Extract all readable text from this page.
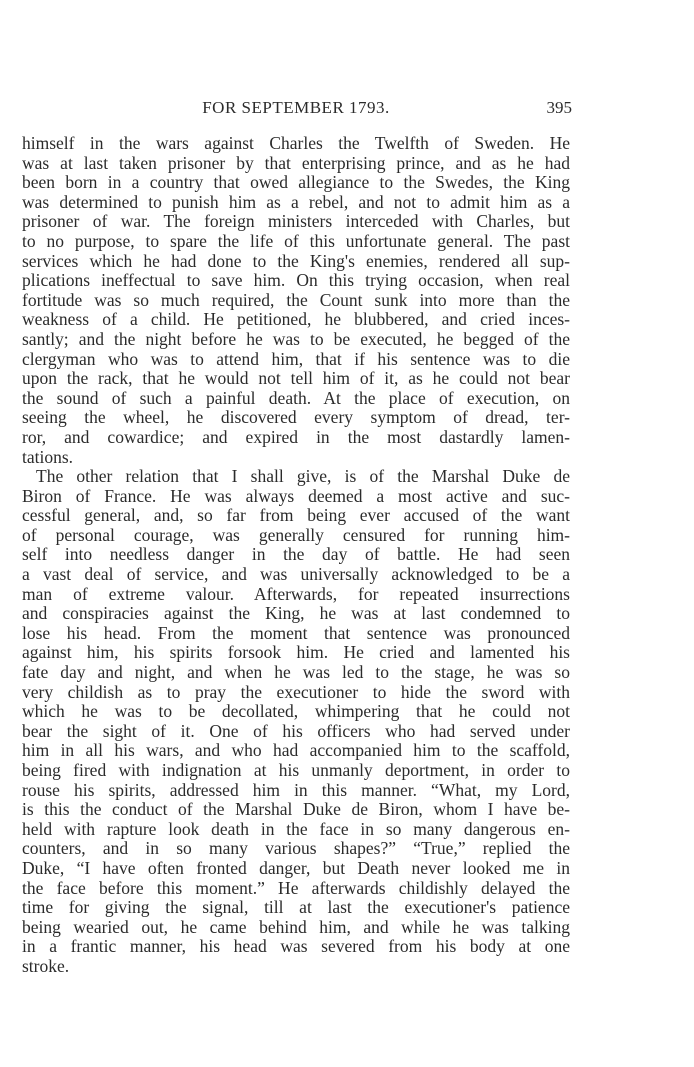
FOR SEPTEMBER 1793.	395
himself in the wars against Charles the Twelfth of Sweden. He
was at last taken prisoner by that enterprising prince, and as he had
been born in a country that owed allegiance to the Swedes, the King
was determined to punish him as a rebel, and not to admit him as a
prisoner of war. The foreign ministers interceded with Charles, but
to no purpose, to spare the life of this unfortunate general. The past
services which he had done to the King's enemies, rendered all sup-
plications ineffectual to save him. On this trying occasion, when real
fortitude was so much required, the Count sunk into more than the
weakness of a child. He petitioned, he blubbered, and cried inces-
santly; and the night before he was to be executed, he begged of the
clergyman who was to attend him, that if his sentence was to die
upon the rack, that he would not tell him of it, as he could not bear
the sound of such a painful death. At the place of execution, on
seeing the wheel, he discovered every symptom of dread, ter-
ror, and cowardice; and expired in the most dastardly lamen-
tations.
The other relation that I shall give, is of the Marshal Duke de
Biron of France. He was always deemed a most active and suc-
cessful general, and, so far from being ever accused of the want
of personal courage, was generally censured for running him-
self into needless danger in the day of battle. He had seen
a vast deal of service, and was universally acknowledged to be a
man of extreme valour. Afterwards, for repeated insurrections
and conspiracies against the King, he was at last condemned to
lose his head. From the moment that sentence was pronounced
against him, his spirits forsook him. He cried and lamented his
fate day and night, and when he was led to the stage, he was so
very childish as to pray the executioner to hide the sword with
which he was to be decollated, whimpering that he could not
bear the sight of it. One of his officers who had served under
him in all his wars, and who had accompanied him to the scaffold,
being fired with indignation at his unmanly deportment, in order to
rouse his spirits, addressed him in this manner. “What, my Lord,
is this the conduct of the Marshal Duke de Biron, whom I have be-
held with rapture look death in the face in so many dangerous en-
counters, and in so many various shapes?” “True,” replied the
Duke, “I have often fronted danger, but Death never looked me in
the face before this moment.” He afterwards childishly delayed the
time for giving the signal, till at last the executioner's patience
being wearied out, he came behind him, and while he was talking
in a frantic manner, his head was severed from his body at one
stroke.
